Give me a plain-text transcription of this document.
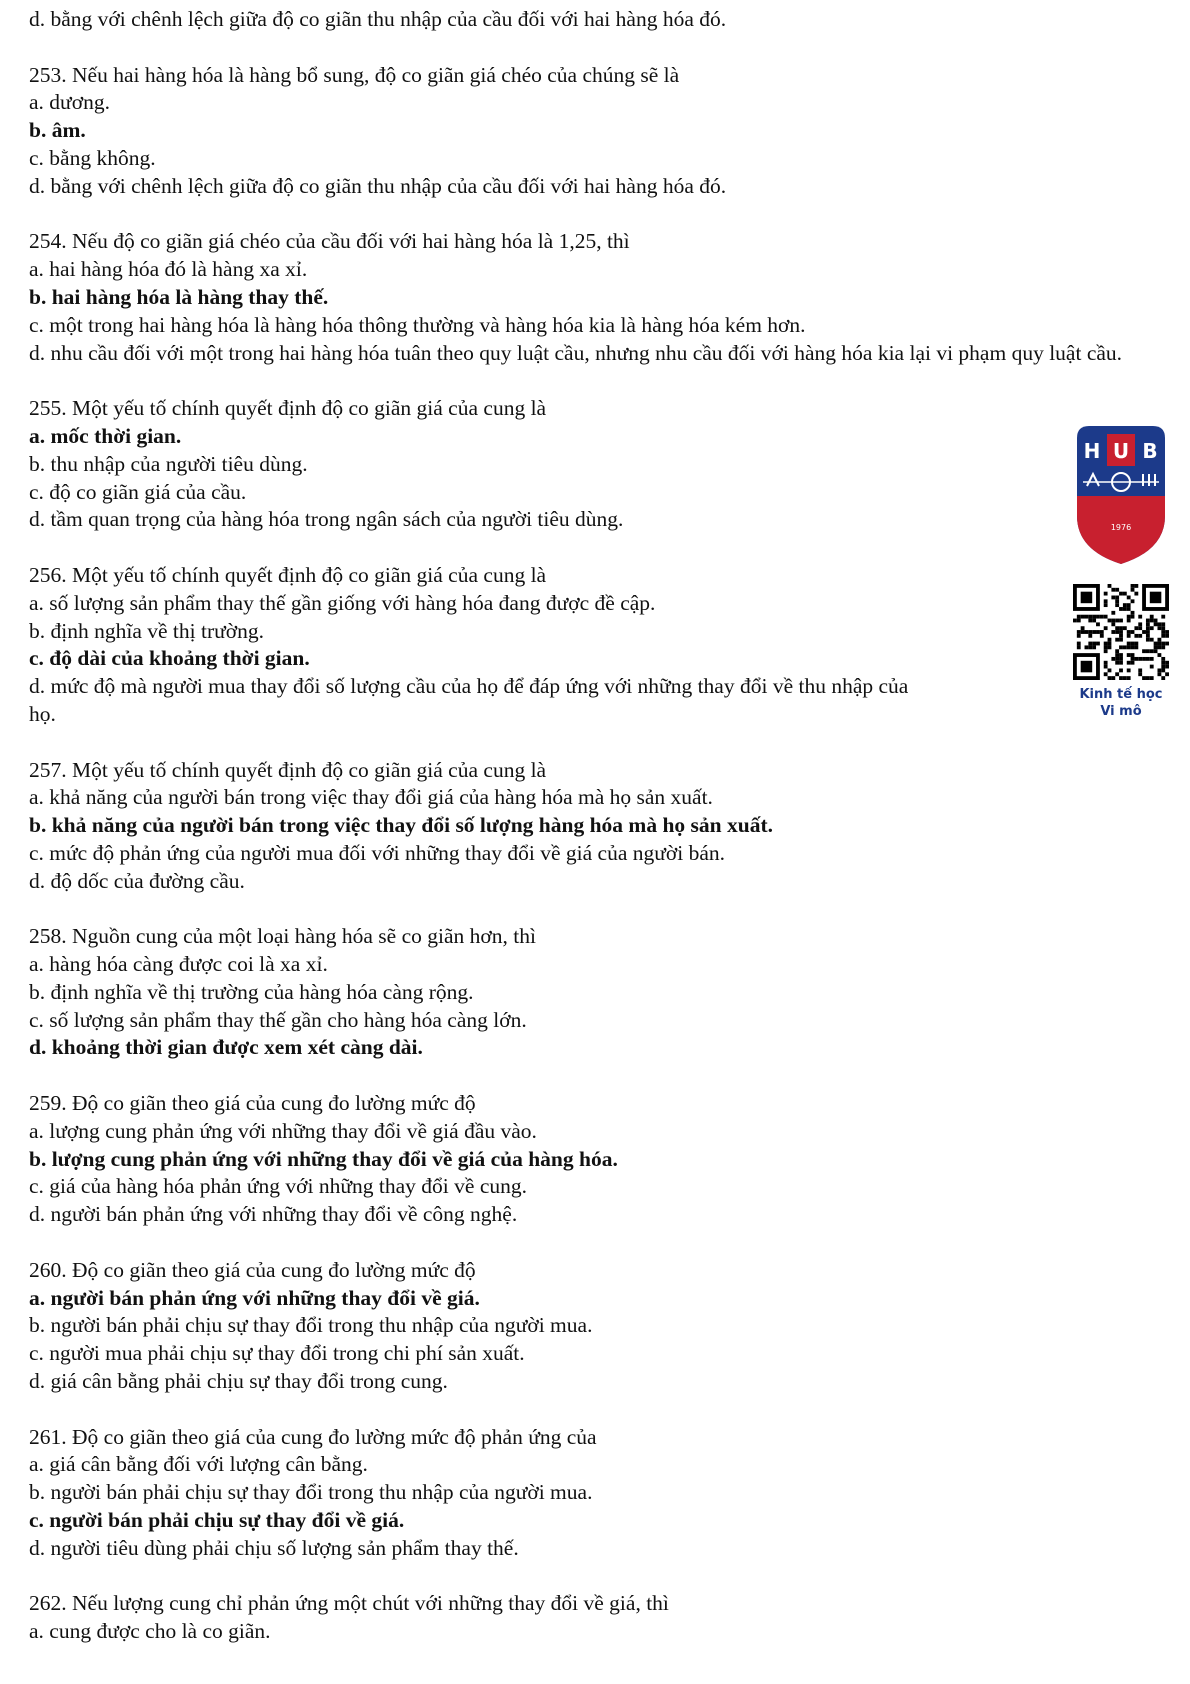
d. bằng với chênh lệch giữa độ co giãn thu nhập của cầu đối với hai hàng hóa đó.
253. Nếu hai hàng hóa là hàng bổ sung, độ co giãn giá chéo của chúng sẽ là
a. dương.
b. âm.
c. bằng không.
d. bằng với chênh lệch giữa độ co giãn thu nhập của cầu đối với hai hàng hóa đó.
254. Nếu độ co giãn giá chéo của cầu đối với hai hàng hóa là 1,25, thì
a. hai hàng hóa đó là hàng xa xỉ.
b. hai hàng hóa là hàng thay thế.
c. một trong hai hàng hóa là hàng hóa thông thường và hàng hóa kia là hàng hóa kém hơn.
d. nhu cầu đối với một trong hai hàng hóa tuân theo quy luật cầu, nhưng nhu cầu đối với hàng hóa kia lại vi phạm quy luật cầu.
255. Một yếu tố chính quyết định độ co giãn giá của cung là
a. mốc thời gian.
b. thu nhập của người tiêu dùng.
c. độ co giãn giá của cầu.
d. tầm quan trọng của hàng hóa trong ngân sách của người tiêu dùng.
256. Một yếu tố chính quyết định độ co giãn giá của cung là
a. số lượng sản phẩm thay thế gần giống với hàng hóa đang được đề cập.
b. định nghĩa về thị trường.
c. độ dài của khoảng thời gian.
d. mức độ mà người mua thay đổi số lượng cầu của họ để đáp ứng với những thay đổi về thu nhập của
họ.
257. Một yếu tố chính quyết định độ co giãn giá của cung là
a. khả năng của người bán trong việc thay đổi giá của hàng hóa mà họ sản xuất.
b. khả năng của người bán trong việc thay đổi số lượng hàng hóa mà họ sản xuất.
c. mức độ phản ứng của người mua đối với những thay đổi về giá của người bán.
d. độ dốc của đường cầu.
258. Nguồn cung của một loại hàng hóa sẽ co giãn hơn, thì
a. hàng hóa càng được coi là xa xỉ.
b. định nghĩa về thị trường của hàng hóa càng rộng.
c. số lượng sản phẩm thay thế gần cho hàng hóa càng lớn.
d. khoảng thời gian được xem xét càng dài.
259. Độ co giãn theo giá của cung đo lường mức độ
a. lượng cung phản ứng với những thay đổi về giá đầu vào.
b. lượng cung phản ứng với những thay đổi về giá của hàng hóa.
c. giá của hàng hóa phản ứng với những thay đổi về cung.
d. người bán phản ứng với những thay đổi về công nghệ.
260. Độ co giãn theo giá của cung đo lường mức độ
a. người bán phản ứng với những thay đổi về giá.
b. người bán phải chịu sự thay đổi trong thu nhập của người mua.
c. người mua phải chịu sự thay đổi trong chi phí sản xuất.
d. giá cân bằng phải chịu sự thay đổi trong cung.
261. Độ co giãn theo giá của cung đo lường mức độ phản ứng của
a. giá cân bằng đối với lượng cân bằng.
b. người bán phải chịu sự thay đổi trong thu nhập của người mua.
c. người bán phải chịu sự thay đổi về giá.
d. người tiêu dùng phải chịu số lượng sản phẩm thay thế.
262. Nếu lượng cung chỉ phản ứng một chút với những thay đổi về giá, thì
a. cung được cho là co giãn.
H U B
1976
Kinh tế học
Vi mô
